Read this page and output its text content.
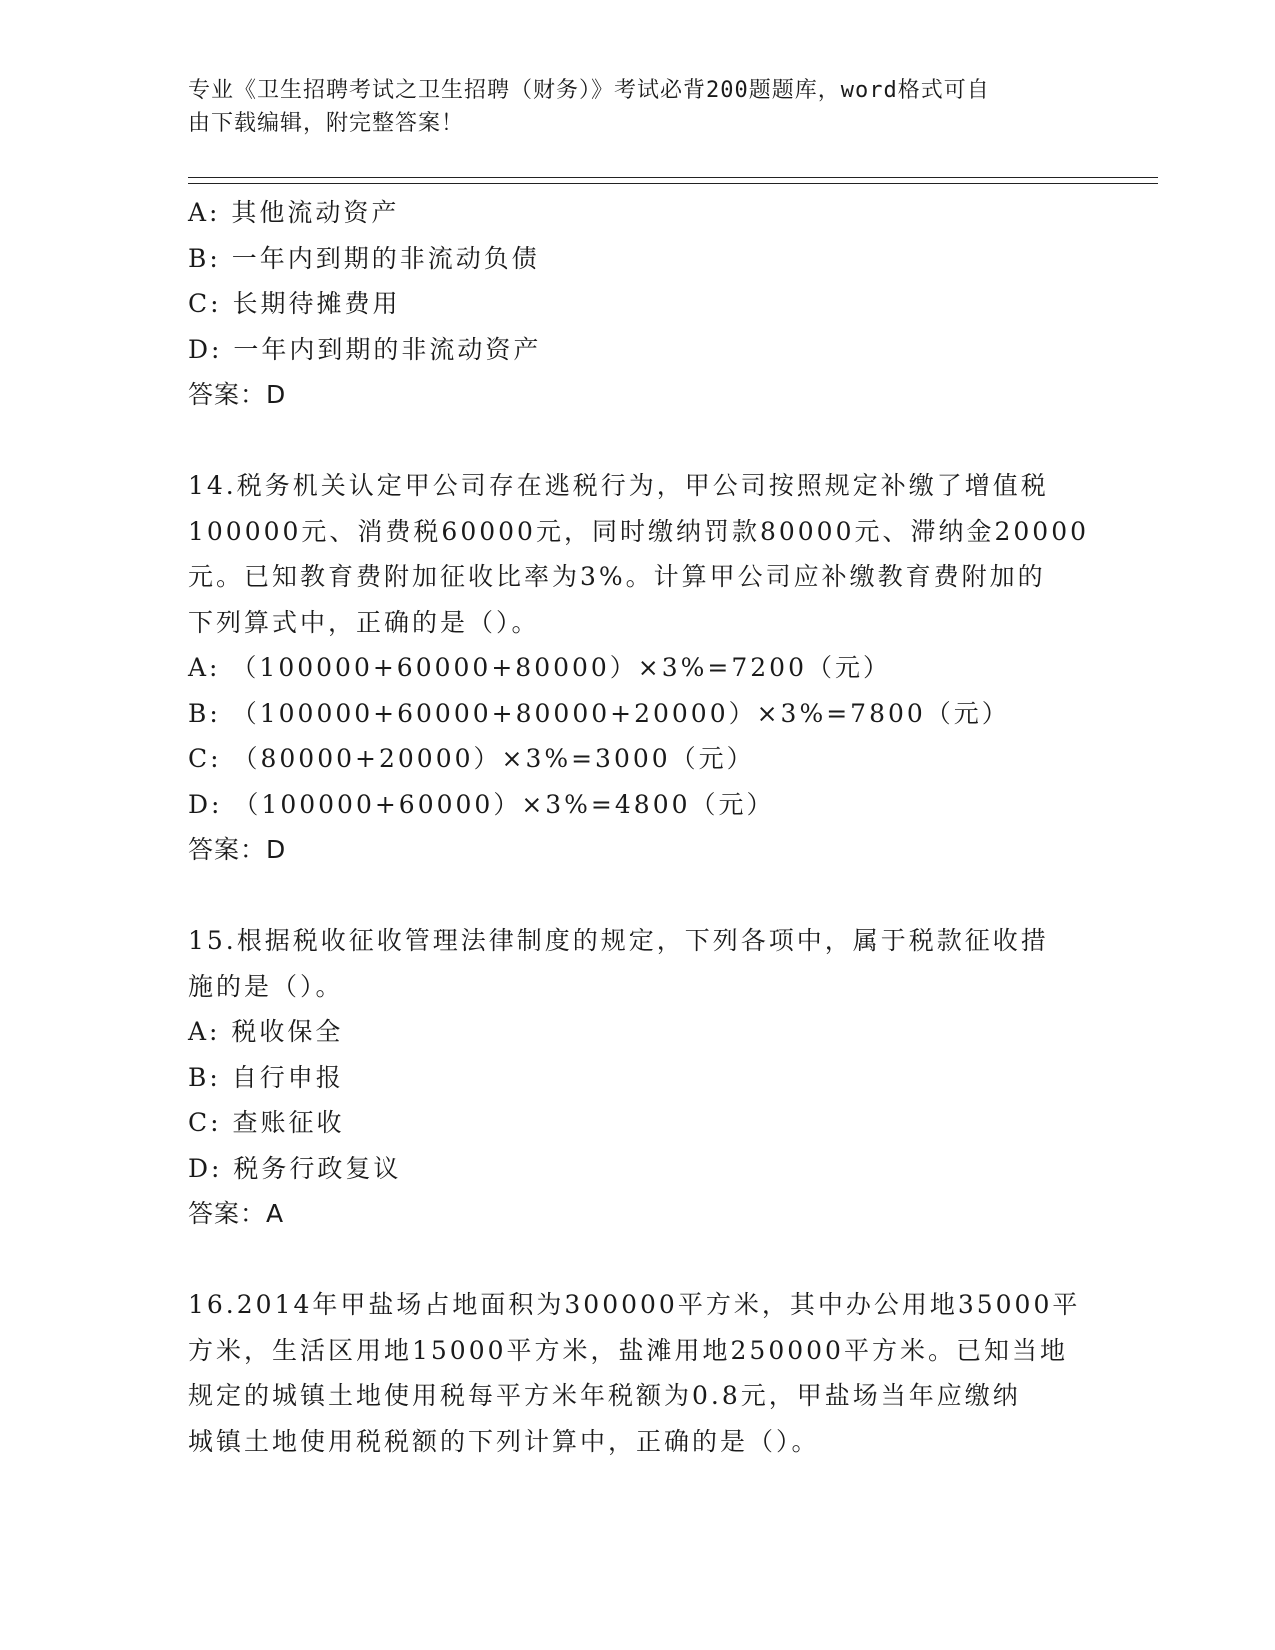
专业《卫生招聘考试之卫生招聘（财务）》考试必背200题题库，word格式可自
由下载编辑，附完整答案！
A: 其他流动资产
B: 一年内到期的非流动负债
C: 长期待摊费用
D: 一年内到期的非流动资产
答案：D
14.税务机关认定甲公司存在逃税行为，甲公司按照规定补缴了增值税
100000元、消费税60000元，同时缴纳罚款80000元、滞纳金20000
元。已知教育费附加征收比率为3%。计算甲公司应补缴教育费附加的
下列算式中，正确的是（）。
A: （100000+60000+80000）×3%=7200（元）
B: （100000+60000+80000+20000）×3%=7800（元）
C: （80000+20000）×3%=3000（元）
D: （100000+60000）×3%=4800（元）
答案：D
15.根据税收征收管理法律制度的规定，下列各项中，属于税款征收措
施的是（）。
A: 税收保全
B: 自行申报
C: 查账征收
D: 税务行政复议
答案：A
16.2014年甲盐场占地面积为300000平方米，其中办公用地35000平
方米，生活区用地15000平方米，盐滩用地250000平方米。已知当地
规定的城镇土地使用税每平方米年税额为0.8元，甲盐场当年应缴纳
城镇土地使用税税额的下列计算中，正确的是（）。
